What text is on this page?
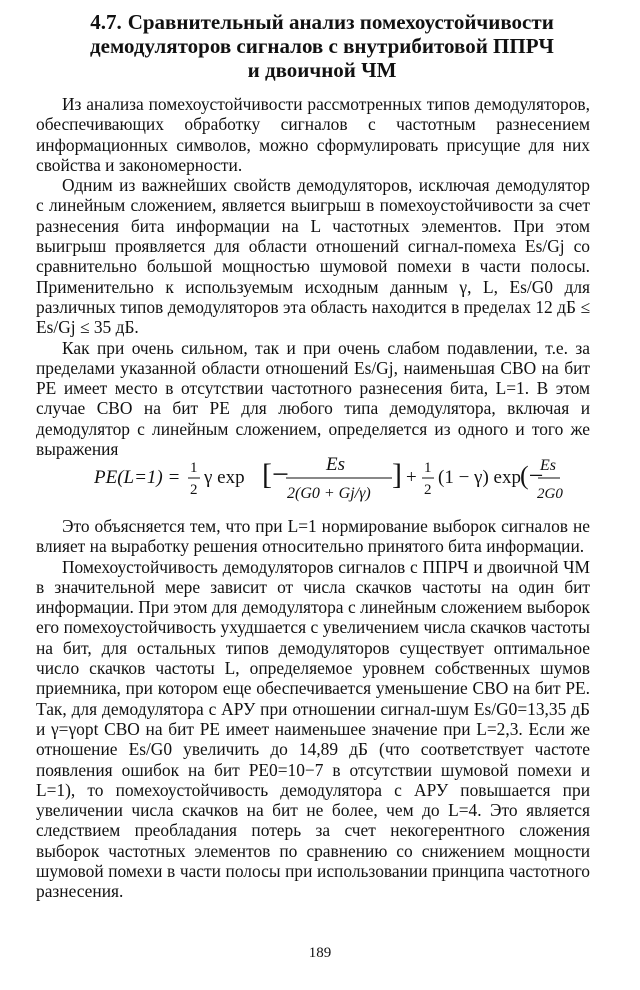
4.7. Сравнительный анализ помехоустойчивости
демодуляторов сигналов с внутрибитовой ППРЧ
и двоичной ЧМ

Из анализа помехоустойчивости рассмотренных типов демодуляторов, обеспечивающих обработку сигналов с частотным разнесением информационных символов, можно сформулировать присущие для них свойства и закономерности.

Одним из важнейших свойств демодуляторов, исключая демодулятор с линейным сложением, является выигрыш в помехоустойчивости за счет разнесения бита информации на L частотных элементов. При этом выигрыш проявляется для области отношений сигнал-помеха Es/Gj со сравнительно большой мощностью шумовой помехи в части полосы. Применительно к используемым исходным данным γ, L, Es/G0 для различных типов демодуляторов эта область находится в пределах 12 дБ ≤ Es/Gj ≤ 35 дБ.

Как при очень сильном, так и при очень слабом подавлении, т.е. за пределами указанной области отношений Es/Gj, наименьшая СВО на бит PE имеет место в отсутствии частотного разнесения бита, L=1. В этом случае СВО на бит PE для любого типа демодулятора, включая и демодулятор с линейным сложением, определяется из одного и того же выражения

PE(L=1) = 1
2
γ exp [− Es
2(G0 + Gj/γ)
] + 1
2
(1 − γ) exp (−
Es
2G0

Это объясняется тем, что при L=1 нормирование выборок сигналов не влияет на выработку решения относительно принятого бита информации.

Помехоустойчивость демодуляторов сигналов с ППРЧ и двоичной ЧМ в значительной мере зависит от числа скачков частоты на один бит информации. При этом для демодулятора с линейным сложением выборок его помехоустойчивость ухудшается с увеличением числа скачков частоты на бит, для остальных типов демодуляторов существует оптимальное число скачков частоты L, определяемое уровнем собственных шумов приемника, при котором еще обеспечивается уменьшение СВО на бит PE. Так, для демодулятора с АРУ при отношении сигнал-шум Es/G0=13,35 дБ и γ=γopt СВО на бит PE имеет наименьшее значение при L=2,3. Если же отношение Es/G0 увеличить до 14,89 дБ (что соответствует частоте появления ошибок на бит PE0=10−7 в отсутствии шумовой помехи и L=1), то помехоустойчивость демодулятора с АРУ повышается при увеличении числа скачков на бит не более, чем до L=4. Это является следствием преобладания потерь за счет некогерентного сложения выборок частотных элементов по сравнению со снижением мощности шумовой помехи в части полосы при использовании принципа частотного разнесения.

189
